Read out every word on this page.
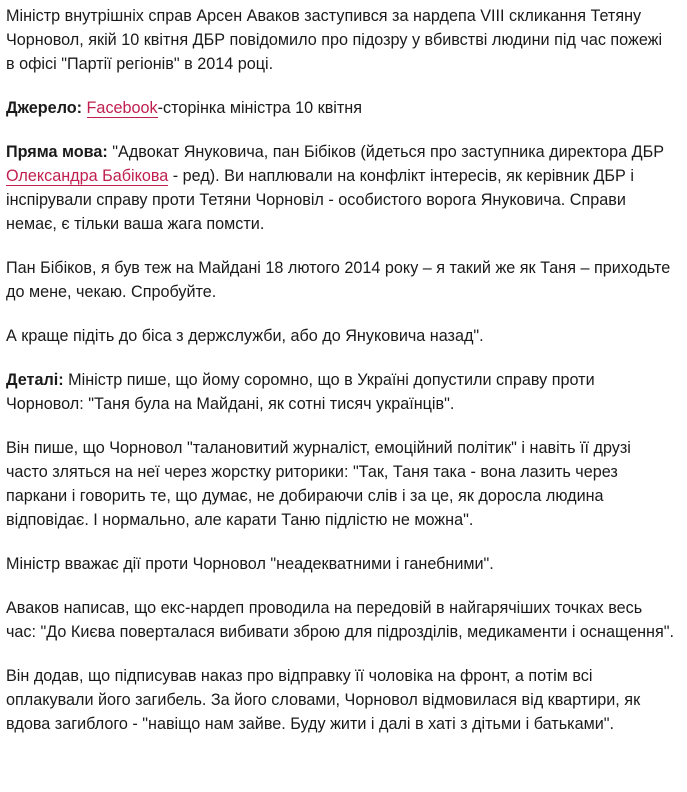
Міністр внутрішніх справ Арсен Аваков заступився за нардепа VIII скликання Тетяну Чорновол, якій 10 квітня ДБР повідомило про підозру у вбивстві людини під час пожежі в офісі "Партії регіонів" в 2014 році.

Джерело: Facebook-сторінка міністра 10 квітня

Пряма мова: "Адвокат Януковича, пан Бібіков (йдеться про заступника директора ДБР Олександра Бабікова - ред). Ви наплювали на конфлікт інтересів, як керівник ДБР і інспірували справу проти Тетяни Чорновіл - особистого ворога Януковича. Справи немає, є тільки ваша жага помсти.

Пан Бібіков, я був теж на Майдані 18 лютого 2014 року – я такий же як Таня – приходьте до мене, чекаю. Спробуйте.

А краще підіть до біса з держслужби, або до Януковича назад".

Деталі: Міністр пише, що йому соромно, що в Україні допустили справу проти Чорновол: "Таня була на Майдані, як сотні тисяч українців".

Він пише, що Чорновол "талановитий журналіст, емоційний політик" і навіть її друзі часто зляться на неї через жорстку риторики: "Так, Таня така - вона лазить через паркани і говорить те, що думає, не добираючи слів і за це, як доросла людина відповідає. І нормально, але карати Таню підлістю не можна".

Міністр вважає дії проти Чорновол "неадекватними і ганебними".

Аваков написав, що екс-нардеп проводила на передовій в найгарячіших точках весь час: "До Києва поверталася вибивати зброю для підрозділів, медикаменти і оснащення".

Він додав, що підписував наказ про відправку її чоловіка на фронт, а потім всі оплакували його загибель. За його словами, Чорновол відмовилася від квартири, як вдова загиблого - "навіщо нам зайве. Буду жити і далі в хаті з дітьми і батьками".
